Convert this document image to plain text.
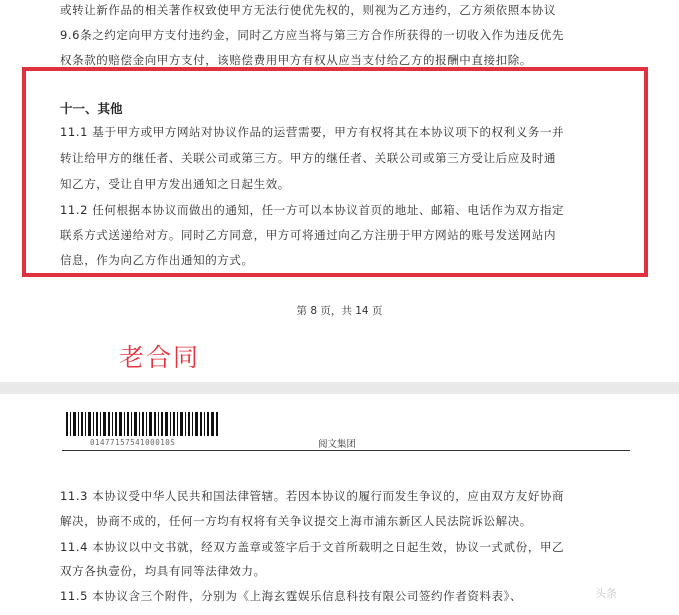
或转让新作品的相关著作权致使甲方无法行使优先权的，则视为乙方违约，乙方须依照本协议
9.6条之约定向甲方支付违约金，同时乙方应当将与第三方合作所获得的一切收入作为违反优先
权条款的赔偿金向甲方支付，该赔偿费用甲方有权从应当支付给乙方的报酬中直接扣除。
十一、其他
11.1 基于甲方或甲方网站对协议作品的运营需要，甲方有权将其在本协议项下的权利义务一并
转让给甲方的继任者、关联公司或第三方。甲方的继任者、关联公司或第三方受让后应及时通
知乙方，受让自甲方发出通知之日起生效。
11.2 任何根据本协议而做出的通知，任一方可以本协议首页的地址、邮箱、电话作为双方指定
联系方式送递给对方。同时乙方同意，甲方可将通过向乙方注册于甲方网站的账号发送网站内
信息，作为向乙方作出通知的方式。
第 8 页，共 14 页
老合同
0147715754100010S	阅文集团
11.3 本协议受中华人民共和国法律管辖。若因本协议的履行而发生争议的，应由双方友好协商
解决，协商不成的，任何一方均有权将有关争议提交上海市浦东新区人民法院诉讼解决。
11.4 本协议以中文书就，经双方盖章或签字后于文首所载明之日起生效，协议一式贰份，甲乙
双方各执壹份，均具有同等法律效力。
11.5 本协议含三个附件，分别为《上海玄霆娱乐信息科技有限公司签约作者资料表》、	头条
